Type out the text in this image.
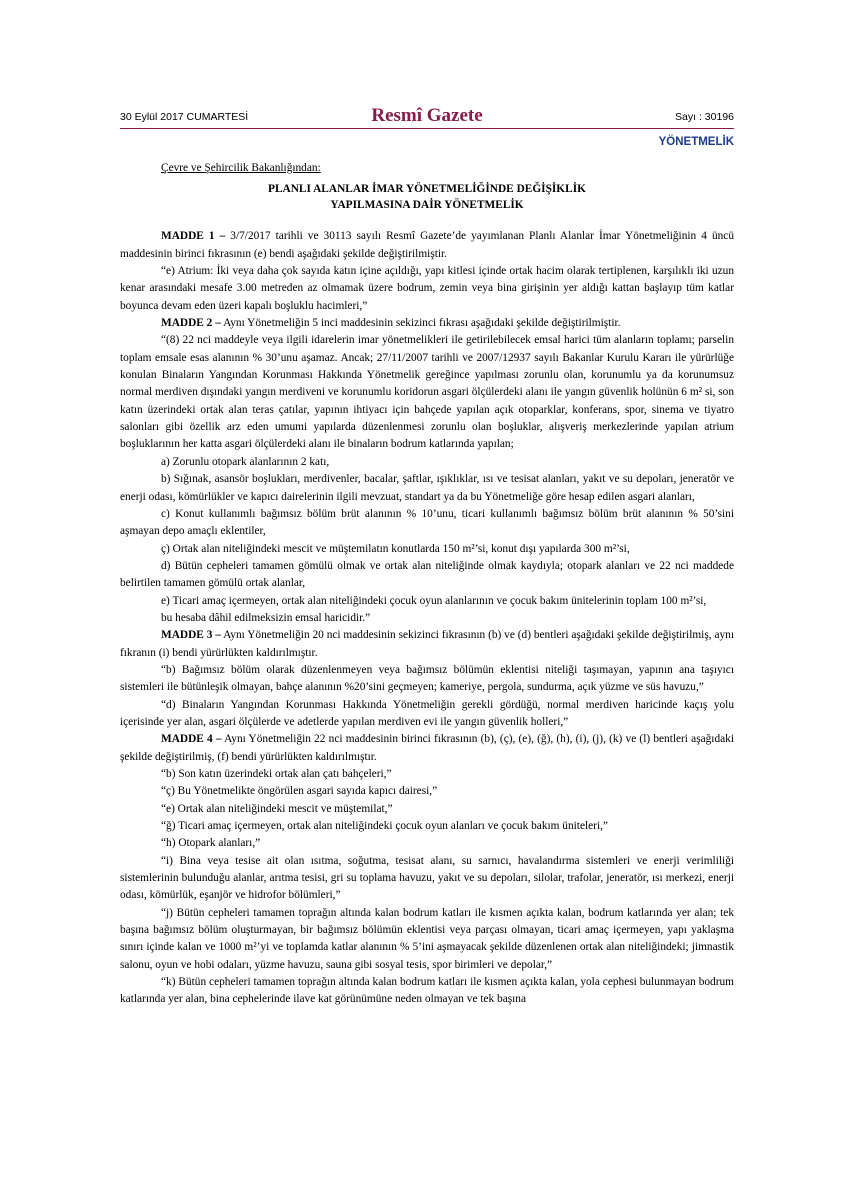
30 Eylül 2017 CUMARTESİ	Resmî Gazete	Sayı : 30196
YÖNETMELİK

Çevre ve Şehircilik Bakanlığından:

PLANLI ALANLAR İMAR YÖNETMELİĞİNDE DEĞİŞİKLİK

YAPILMASINA DAİR YÖNETMELİK

MADDE 1 – 3/7/2017 tarihli ve 30113 sayılı Resmî Gazete’de yayımlanan Planlı Alanlar İmar Yönetmeliğinin 4 üncü maddesinin birinci fıkrasının (e) bendi aşağıdaki şekilde değiştirilmiştir.

“e) Atrium: İki veya daha çok sayıda katın içine açıldığı, yapı kitlesi içinde ortak hacim olarak tertiplenen, karşılıklı iki uzun kenar arasındaki mesafe 3.00 metreden az olmamak üzere bodrum, zemin veya bina girişinin yer aldığı kattan başlayıp tüm katlar boyunca devam eden üzeri kapalı boşluklu hacimleri,”

MADDE 2 – Aynı Yönetmeliğin 5 inci maddesinin sekizinci fıkrası aşağıdaki şekilde değiştirilmiştir.

“(8) 22 nci maddeyle veya ilgili idarelerin imar yönetmelikleri ile getirilebilecek emsal harici tüm alanların toplamı; parselin toplam emsale esas alanının % 30’unu aşamaz. Ancak; 27/11/2007 tarihli ve 2007/12937 sayılı Bakanlar Kurulu Kararı ile yürürlüğe konulan Binaların Yangından Korunması Hakkında Yönetmelik gereğince yapılması zorunlu olan, korunumlu ya da korunumsuz normal merdiven dışındaki yangın merdiveni ve korunumlu koridorun asgari ölçülerdeki alanı ile yangın güvenlik holünün 6 m² si, son katın üzerindeki ortak alan teras çatılar, yapının ihtiyacı için bahçede yapılan açık otoparklar, konferans, spor, sinema ve tiyatro salonları gibi özellik arz eden umumi yapılarda düzenlenmesi zorunlu olan boşluklar, alışveriş merkezlerinde yapılan atrium boşluklarının her katta asgari ölçülerdeki alanı ile binaların bodrum katlarında yapılan;

a) Zorunlu otopark alanlarının 2 katı,

b) Sığınak, asansör boşlukları, merdivenler, bacalar, şaftlar, ışıklıklar, ısı ve tesisat alanları, yakıt ve su depoları, jeneratör ve enerji odası, kömürlükler ve kapıcı dairelerinin ilgili mevzuat, standart ya da bu Yönetmeliğe göre hesap edilen asgari alanları,

c) Konut kullanımlı bağımsız bölüm brüt alanının % 10’unu, ticari kullanımlı bağımsız bölüm brüt alanının % 50’sini aşmayan depo amaçlı eklentiler,

ç) Ortak alan niteliğindeki mescit ve müştemilatın konutlarda 150 m²’si, konut dışı yapılarda 300 m²’si,

d) Bütün cepheleri tamamen gömülü olmak ve ortak alan niteliğinde olmak kaydıyla; otopark alanları ve 22 nci maddede belirtilen tamamen gömülü ortak alanlar,

e) Ticari amaç içermeyen, ortak alan niteliğindeki çocuk oyun alanlarının ve çocuk bakım ünitelerinin toplam 100 m²’si,

bu hesaba dâhil edilmeksizin emsal haricidir.”

MADDE 3 – Aynı Yönetmeliğin 20 nci maddesinin sekizinci fıkrasının (b) ve (d) bentleri aşağıdaki şekilde değiştirilmiş, aynı fıkranın (i) bendi yürürlükten kaldırılmıştır.

“b) Bağımsız bölüm olarak düzenlenmeyen veya bağımsız bölümün eklentisi niteliği taşımayan, yapının ana taşıyıcı sistemleri ile bütünleşik olmayan, bahçe alanının %20’sini geçmeyen; kameriye, pergola, sundurma, açık yüzme ve süs havuzu,”

“d) Binaların Yangından Korunması Hakkında Yönetmeliğin gerekli gördüğü, normal merdiven haricinde kaçış yolu içerisinde yer alan, asgari ölçülerde ve adetlerde yapılan merdiven evi ile yangın güvenlik holleri,”

MADDE 4 – Aynı Yönetmeliğin 22 nci maddesinin birinci fıkrasının (b), (ç), (e), (ğ), (h), (i), (j), (k) ve (l) bentleri aşağıdaki şekilde değiştirilmiş, (f) bendi yürürlükten kaldırılmıştır.

“b) Son katın üzerindeki ortak alan çatı bahçeleri,”

“ç) Bu Yönetmelikte öngörülen asgari sayıda kapıcı dairesi,”

“e) Ortak alan niteliğindeki mescit ve müştemilat,”

“ğ) Ticari amaç içermeyen, ortak alan niteliğindeki çocuk oyun alanları ve çocuk bakım üniteleri,”

“h) Otopark alanları,”

“i) Bina veya tesise ait olan ısıtma, soğutma, tesisat alanı, su sarnıcı, havalandırma sistemleri ve enerji verimliliği sistemlerinin bulunduğu alanlar, arıtma tesisi, gri su toplama havuzu, yakıt ve su depoları, silolar, trafolar, jeneratör, ısı merkezi, enerji odası, kömürlük, eşanjör ve hidrofor bölümleri,”

“j) Bütün cepheleri tamamen toprağın altında kalan bodrum katları ile kısmen açıkta kalan, bodrum katlarında yer alan; tek başına bağımsız bölüm oluşturmayan, bir bağımsız bölümün eklentisi veya parçası olmayan, ticari amaç içermeyen, yapı yaklaşma sınırı içinde kalan ve 1000 m²’yi ve toplamda katlar alanının % 5’ini aşmayacak şekilde düzenlenen ortak alan niteliğindeki; jimnastik salonu, oyun ve hobi odaları, yüzme havuzu, sauna gibi sosyal tesis, spor birimleri ve depolar,”

“k) Bütün cepheleri tamamen toprağın altında kalan bodrum katları ile kısmen açıkta kalan, yola cephesi bulunmayan bodrum katlarında yer alan, bina cephelerinde ilave kat görünümüne neden olmayan ve tek başına
